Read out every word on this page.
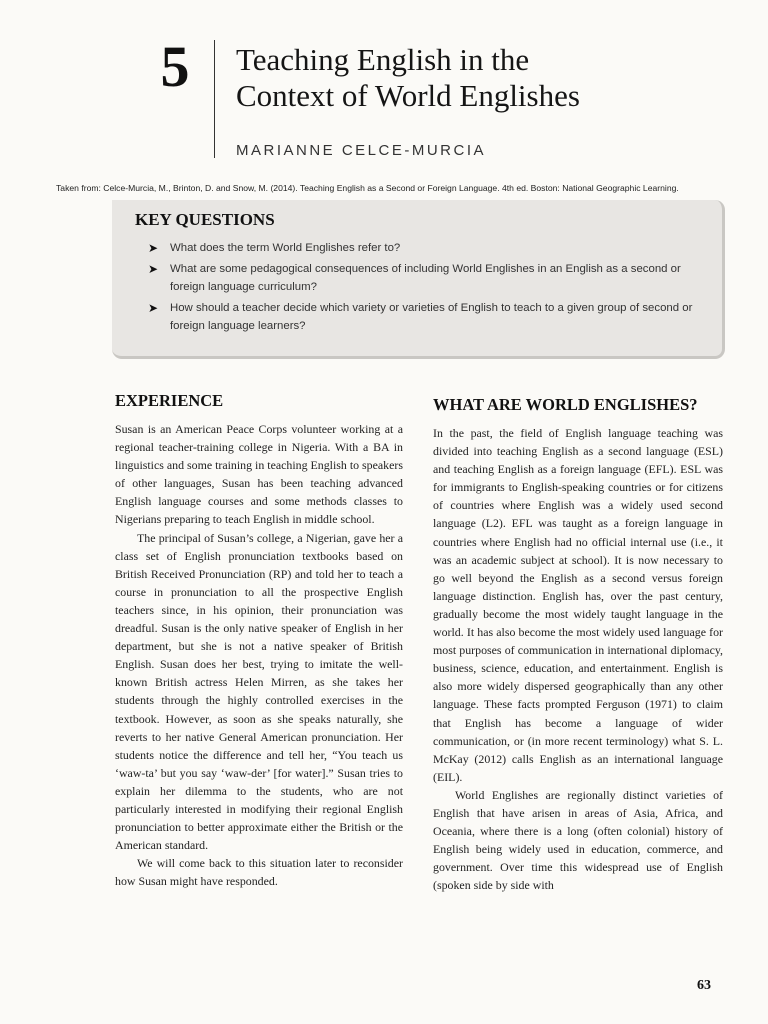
5	Teaching English in the
Context of World Englishes
MARIANNE CELCE-MURCIA
Taken from: Celce-Murcia, M., Brinton, D. and Snow, M. (2014). Teaching English as a Second or Foreign Language. 4th ed. Boston: National Geographic Learning.
KEY QUESTIONS
➤ What does the term World Englishes refer to?
➤ What are some pedagogical consequences of including World Englishes in an English as a second or foreign language curriculum?
➤ How should a teacher decide which variety or varieties of English to teach to a given group of second or foreign language learners?
EXPERIENCE

Susan is an American Peace Corps volunteer working at a regional teacher-training college in Nigeria. With a BA in linguistics and some training in teaching English to speakers of other languages, Susan has been teaching advanced English language courses and some methods classes to Nigerians preparing to teach English in middle school.

The principal of Susan’s college, a Nigerian, gave her a class set of English pronunciation textbooks based on British Received Pronunciation (RP) and told her to teach a course in pronunciation to all the prospective English teachers since, in his opinion, their pronunciation was dreadful. Susan is the only native speaker of English in her department, but she is not a native speaker of British English. Susan does her best, trying to imitate the well-known British actress Helen Mirren, as she takes her students through the highly controlled exercises in the textbook. However, as soon as she speaks naturally, she reverts to her native General American pronunciation. Her students notice the difference and tell her, “You teach us ‘waw-ta’ but you say ‘waw-der’ [for water].” Susan tries to explain her dilemma to the students, who are not particularly interested in modifying their regional English pronunciation to better approximate either the British or the American standard.

We will come back to this situation later to reconsider how Susan might have responded.

WHAT ARE WORLD ENGLISHES?

In the past, the field of English language teaching was divided into teaching English as a second language (ESL) and teaching English as a foreign language (EFL). ESL was for immigrants to English-speaking countries or for citizens of countries where English was a widely used second language (L2). EFL was taught as a foreign language in countries where English had no official internal use (i.e., it was an academic subject at school). It is now necessary to go well beyond the English as a second versus foreign language distinction. English has, over the past century, gradually become the most widely taught language in the world. It has also become the most widely used language for most purposes of communication in international diplomacy, business, science, education, and entertainment. English is also more widely dispersed geographically than any other language. These facts prompted Ferguson (1971) to claim that English has become a language of wider communication, or (in more recent terminology) what S. L. McKay (2012) calls English as an international language (EIL).

World Englishes are regionally distinct varieties of English that have arisen in areas of Asia, Africa, and Oceania, where there is a long (often colonial) history of English being widely used in education, commerce, and government. Over time this widespread use of English (spoken side by side with

63
